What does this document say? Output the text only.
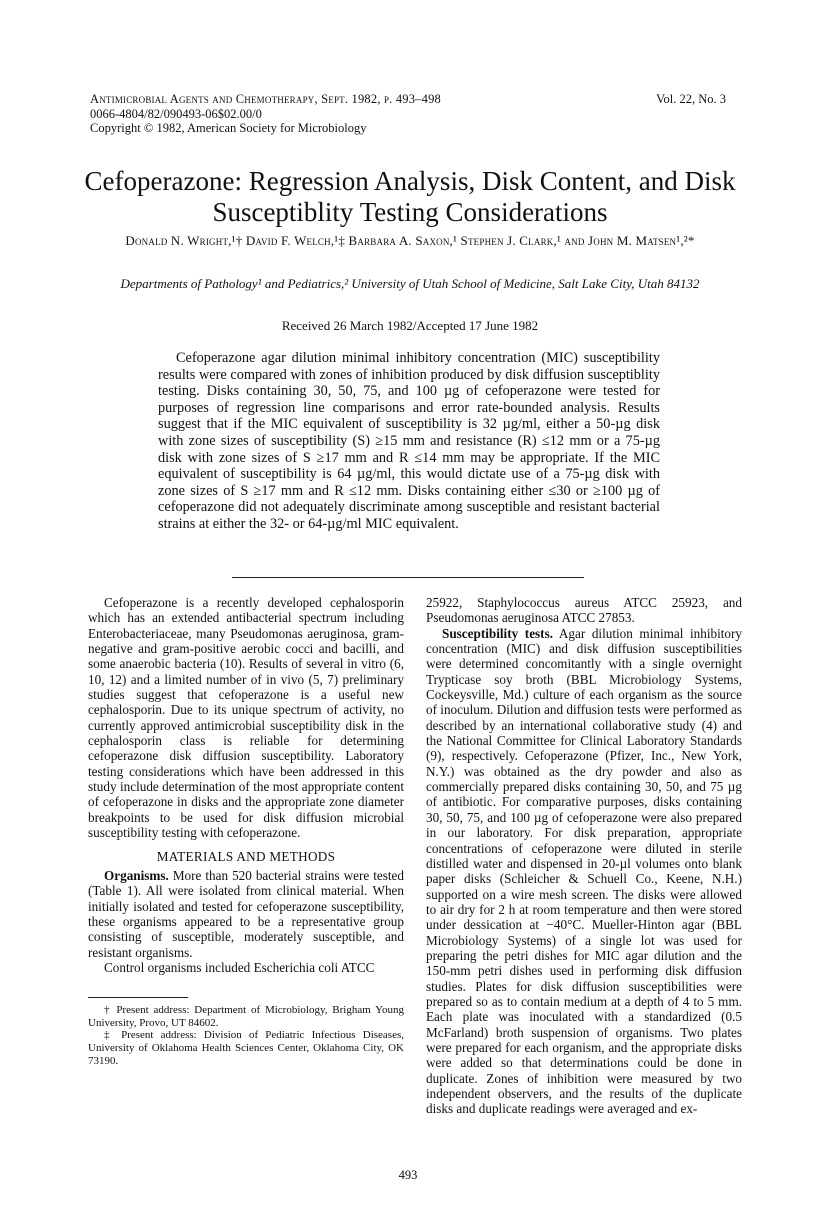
Antimicrobial Agents and Chemotherapy, Sept. 1982, p. 493–498
0066-4804/82/090493-06$02.00/0
Copyright © 1982, American Society for Microbiology
Vol. 22, No. 3
Cefoperazone: Regression Analysis, Disk Content, and Disk Susceptiblity Testing Considerations
Donald N. Wright,¹† David F. Welch,¹‡ Barbara A. Saxon,¹ Stephen J. Clark,¹ and John M. Matsen¹,²*
Departments of Pathology¹ and Pediatrics,² University of Utah School of Medicine, Salt Lake City, Utah 84132
Received 26 March 1982/Accepted 17 June 1982

Cefoperazone agar dilution minimal inhibitory concentration (MIC) susceptibility results were compared with zones of inhibition produced by disk diffusion susceptiblity testing. Disks containing 30, 50, 75, and 100 µg of cefoperazone were tested for purposes of regression line comparisons and error rate-bounded analysis. Results suggest that if the MIC equivalent of susceptibility is 32 µg/ml, either a 50-µg disk with zone sizes of susceptibility (S) ≥15 mm and resistance (R) ≤12 mm or a 75-µg disk with zone sizes of S ≥17 mm and R ≤14 mm may be appropriate. If the MIC equivalent of susceptibility is 64 µg/ml, this would dictate use of a 75-µg disk with zone sizes of S ≥17 mm and R ≤12 mm. Disks containing either ≤30 or ≥100 µg of cefoperazone did not adequately discriminate among susceptible and resistant bacterial strains at either the 32- or 64-µg/ml MIC equivalent.

Cefoperazone is a recently developed cephalosporin which has an extended antibacterial spectrum including Enterobacteriaceae, many Pseudomonas aeruginosa, gram-negative and gram-positive aerobic cocci and bacilli, and some anaerobic bacteria (10). Results of several in vitro (6, 10, 12) and a limited number of in vivo (5, 7) preliminary studies suggest that cefoperazone is a useful new cephalosporin. Due to its unique spectrum of activity, no currently approved antimicrobial susceptibility disk in the cephalosporin class is reliable for determining cefoperazone disk diffusion susceptibility. Laboratory testing considerations which have been addressed in this study include determination of the most appropriate content of cefoperazone in disks and the appropriate zone diameter breakpoints to be used for disk diffusion microbial susceptibility testing with cefoperazone.

MATERIALS AND METHODS

Organisms. More than 520 bacterial strains were tested (Table 1). All were isolated from clinical material. When initially isolated and tested for cefoperazone susceptibility, these organisms appeared to be a representative group consisting of susceptible, moderately susceptible, and resistant organisms.

Control organisms included Escherichia coli ATCC

† Present address: Department of Microbiology, Brigham Young University, Provo, UT 84602.

‡ Present address: Division of Pediatric Infectious Diseases, University of Oklahoma Health Sciences Center, Oklahoma City, OK 73190.

25922, Staphylococcus aureus ATCC 25923, and Pseudomonas aeruginosa ATCC 27853.

Susceptibility tests. Agar dilution minimal inhibitory concentration (MIC) and disk diffusion susceptibilities were determined concomitantly with a single overnight Trypticase soy broth (BBL Microbiology Systems, Cockeysville, Md.) culture of each organism as the source of inoculum. Dilution and diffusion tests were performed as described by an international collaborative study (4) and the National Committee for Clinical Laboratory Standards (9), respectively. Cefoperazone (Pfizer, Inc., New York, N.Y.) was obtained as the dry powder and also as commercially prepared disks containing 30, 50, and 75 µg of antibiotic. For comparative purposes, disks containing 30, 50, 75, and 100 µg of cefoperazone were also prepared in our laboratory. For disk preparation, appropriate concentrations of cefoperazone were diluted in sterile distilled water and dispensed in 20-µl volumes onto blank paper disks (Schleicher & Schuell Co., Keene, N.H.) supported on a wire mesh screen. The disks were allowed to air dry for 2 h at room temperature and then were stored under dessication at −40°C. Mueller-Hinton agar (BBL Microbiology Systems) of a single lot was used for preparing the petri dishes for MIC agar dilution and the 150-mm petri dishes used in performing disk diffusion studies. Plates for disk diffusion susceptibilities were prepared so as to contain medium at a depth of 4 to 5 mm. Each plate was inoculated with a standardized (0.5 McFarland) broth suspension of organisms. Two plates were prepared for each organism, and the appropriate disks were added so that determinations could be done in duplicate. Zones of inhibition were measured by two independent observers, and the results of the duplicate disks and duplicate readings were averaged and ex-

493
